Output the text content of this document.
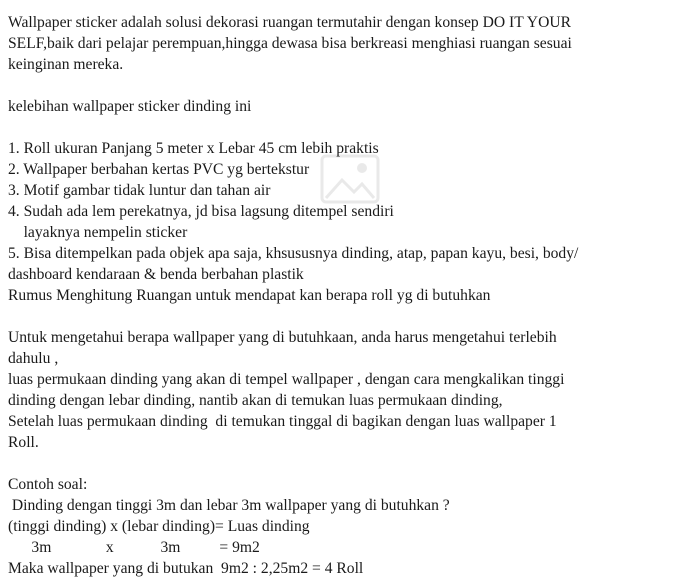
Wallpaper sticker adalah solusi dekorasi ruangan termutahir dengan konsep DO IT YOUR
SELF,baik dari pelajar perempuan,hingga dewasa bisa berkreasi menghiasi ruangan sesuai
keinginan mereka.
kelebihan wallpaper sticker dinding ini
1. Roll ukuran Panjang 5 meter x Lebar 45 cm lebih praktis
2. Wallpaper berbahan kertas PVC yg bertekstur
3. Motif gambar tidak luntur dan tahan air
4. Sudah ada lem perekatnya, jd bisa lagsung ditempel sendiri
layaknya nempelin sticker
5. Bisa ditempelkan pada objek apa saja, khsususnya dinding, atap, papan kayu, besi, body/
dashboard kendaraan & benda berbahan plastik
Rumus Menghitung Ruangan untuk mendapat kan berapa roll yg di butuhkan
Untuk mengetahui berapa wallpaper yang di butuhkaan, anda harus mengetahui terlebih
dahulu ,
luas permukaan dinding yang akan di tempel wallpaper , dengan cara mengkalikan tinggi
dinding dengan lebar dinding, nantib akan di temukan luas permukaan dinding,
Setelah luas permukaan dinding  di temukan tinggal di bagikan dengan luas wallpaper 1
Roll.
Contoh soal:
Dinding dengan tinggi 3m dan lebar 3m wallpaper yang di butuhkan ?
(tinggi dinding) x (lebar dinding)= Luas dinding
3m              x            3m          = 9m2
Maka wallpaper yang di butukan  9m2 : 2,25m2 = 4 Roll
